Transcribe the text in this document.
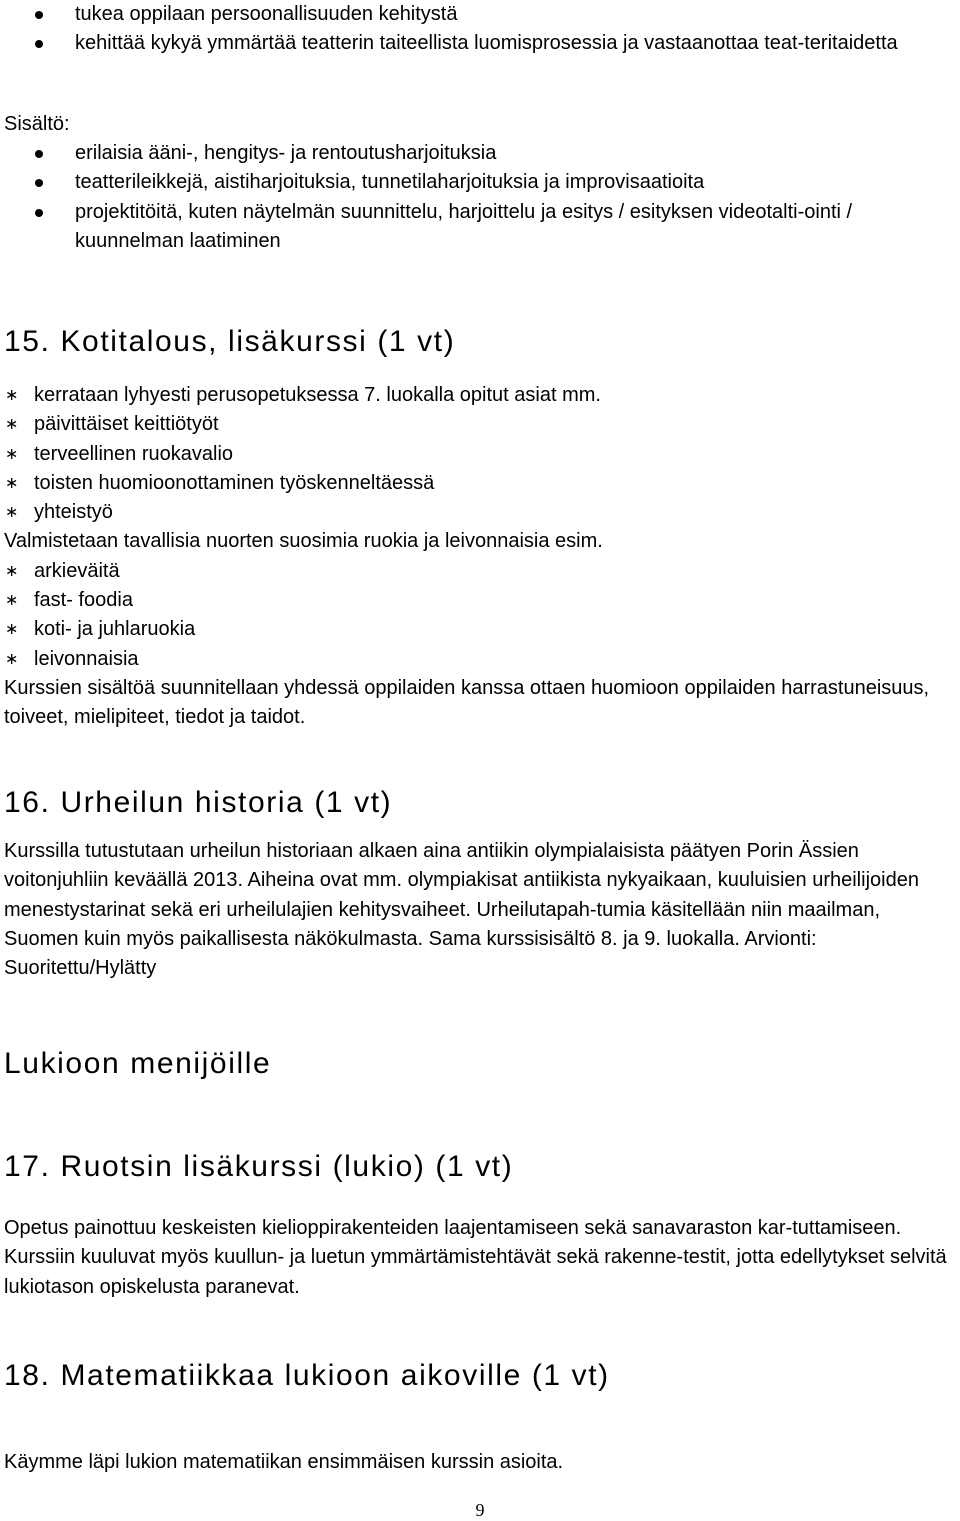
tukea oppilaan persoonallisuuden kehitystä
kehittää kykyä ymmärtää teatterin taiteellista luomisprosessia ja vastaanottaa teat-teritaidetta

Sisältö:

erilaisia ääni-, hengitys- ja rentoutusharjoituksia
teatterileikkejä, aistiharjoituksia, tunnetilaharjoituksia ja improvisaatioita
projektitöitä, kuten näytelmän suunnittelu, harjoittelu ja esitys / esityksen videotalti-ointi / kuunnelman laatiminen
15. Kotitalous, lisäkurssi (1 vt)
∗ kerrataan lyhyesti perusopetuksessa 7. luokalla opitut asiat mm.
∗ päivittäiset keittiötyöt
∗ terveellinen ruokavalio
∗ toisten huomioonottaminen työskenneltäessä
∗ yhteistyö

Valmistetaan tavallisia nuorten suosimia ruokia ja leivonnaisia esim.

∗ arkieväitä
∗ fast- foodia
∗ koti- ja juhlaruokia
∗ leivonnaisia

Kurssien sisältöä suunnitellaan yhdessä oppilaiden kanssa ottaen huomioon oppilaiden harrastuneisuus, toiveet, mielipiteet, tiedot ja taidot.

16. Urheilun historia (1 vt)

Kurssilla tutustutaan urheilun historiaan alkaen aina antiikin olympialaisista päätyen Porin Ässien voitonjuhliin keväällä 2013. Aiheina ovat mm. olympiakisat antiikista nykyaikaan, kuuluisien urheilijoiden menestystarinat sekä eri urheilulajien kehitysvaiheet. Urheilutapah-tumia käsitellään niin maailman, Suomen kuin myös paikallisesta näkökulmasta. Sama kurssisisältö 8. ja 9. luokalla. Arvionti: Suoritettu/Hylätty

Lukioon menijöille
17. Ruotsin lisäkurssi (lukio) (1 vt)

Opetus painottuu keskeisten kielioppirakenteiden laajentamiseen sekä sanavaraston kar-tuttamiseen. Kurssiin kuuluvat myös kuullun- ja luetun ymmärtämistehtävät sekä rakenne-testit, jotta edellytykset selvitä lukiotason opiskelusta paranevat.

18. Matematiikkaa lukioon aikoville (1 vt)

Käymme läpi lukion matematiikan ensimmäisen kurssin asioita.

9
